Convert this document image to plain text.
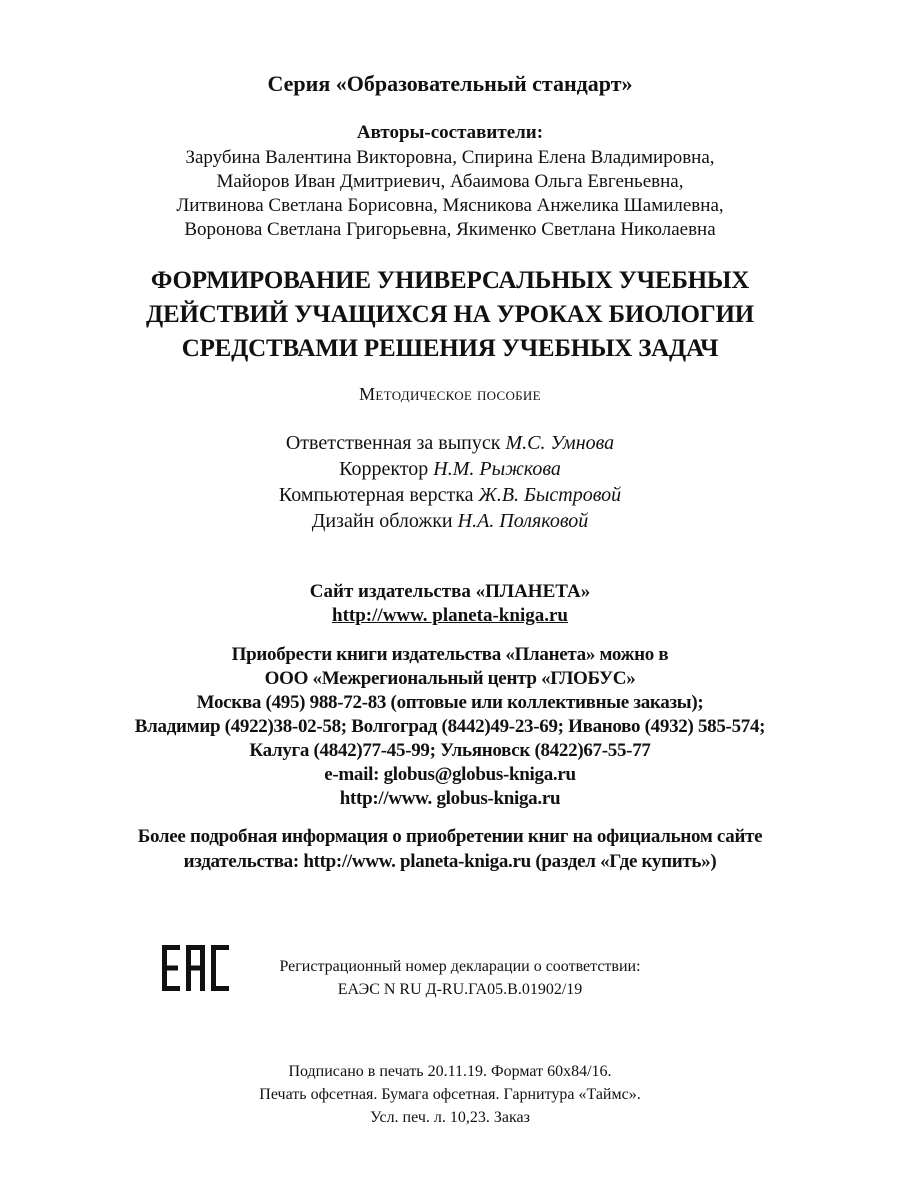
Серия «Образовательный стандарт»
Авторы-составители:
Зарубина Валентина Викторовна, Спирина Елена Владимировна,
Майоров Иван Дмитриевич, Абаимова Ольга Евгеньевна,
Литвинова Светлана Борисовна, Мясникова Анжелика Шамилевна,
Воронова Светлана Григорьевна, Якименко Светлана Николаевна
ФОРМИРОВАНИЕ УНИВЕРСАЛЬНЫХ УЧЕБНЫХ
ДЕЙСТВИЙ УЧАЩИХСЯ НА УРОКАХ БИОЛОГИИ
СРЕДСТВАМИ РЕШЕНИЯ УЧЕБНЫХ ЗАДАЧ
Методическое пособие
Ответственная за выпуск М.С. Умнова
Корректор Н.М. Рыжкова
Компьютерная верстка Ж.В. Быстровой
Дизайн обложки Н.А. Поляковой
Сайт издательства «ПЛАНЕТА»
http://www. planeta-kniga.ru
Приобрести книги издательства «Планета» можно в
ООО «Межрегиональный центр «ГЛОБУС»
Москва (495) 988-72-83 (оптовые или коллективные заказы);
Владимир (4922)38-02-58; Волгоград (8442)49-23-69; Иваново (4932) 585-574;
Калуга (4842)77-45-99; Ульяновск (8422)67-55-77
e-mail: globus@globus-kniga.ru
http://www. globus-kniga.ru
Более подробная информация о приобретении книг на официальном сайте
издательства: http://www. planeta-kniga.ru (раздел «Где купить»)
Регистрационный номер декларации о соответствии:
ЕАЭС N RU Д-RU.ГА05.В.01902/19
Подписано в печать 20.11.19. Формат 60х84/16.
Печать офсетная. Бумага офсетная. Гарнитура «Таймс».
Усл. печ. л. 10,23. Заказ
